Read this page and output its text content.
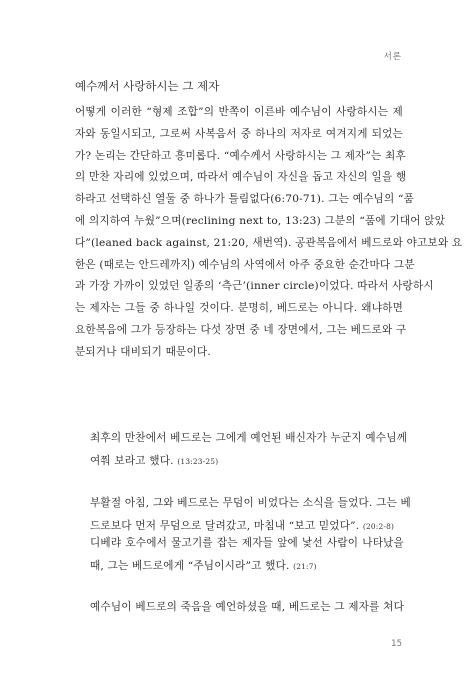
서론
예수께서 사랑하시는 그 제자

어떻게 이러한 “형제 조합”의 반쪽이 이른바 예수님이 사랑하시는 제
자와 동일시되고, 그로써 사복음서 중 하나의 저자로 여겨지게 되었는
가? 논리는 간단하고 흥미롭다. “예수께서 사랑하시는 그 제자”는 최후
의 만찬 자리에 있었으며, 따라서 예수님이 자신을 돕고 자신의 일을 행
하라고 선택하신 열둘 중 하나가 틀림없다(6:70-71). 그는 예수님의 “품
에 의지하여 누웠”으며(reclining next to, 13:23) 그분의 “품에 기대어 앉았
다”(leaned back against, 21:20, 새번역). 공관복음에서 베드로와 야고보와 요
한은 (때로는 안드레까지) 예수님의 사역에서 아주 중요한 순간마다 그분
과 가장 가까이 있었던 일종의 ‘측근’(inner circle)이었다. 따라서 사랑하시
는 제자는 그들 중 하나일 것이다. 분명히, 베드로는 아니다. 왜냐하면
요한복음에 그가 등장하는 다섯 장면 중 네 장면에서, 그는 베드로와 구
분되거나 대비되기 때문이다.

최후의 만찬에서 베드로는 그에게 예언된 배신자가 누군지 예수님께
여쭤 보라고 했다. (13:23-25)

부활절 아침, 그와 베드로는 무덤이 비었다는 소식을 들었다. 그는 베
드로보다 먼저 무덤으로 달려갔고, 마침내 “보고 믿었다”. (20:2-8)

디베랴 호수에서 물고기를 잡는 제자들 앞에 낯선 사람이 나타났을
때, 그는 베드로에게 “주님이시라”고 했다. (21:7)

예수님이 베드로의 죽음을 예언하셨을 때, 베드로는 그 제자를 쳐다

15
